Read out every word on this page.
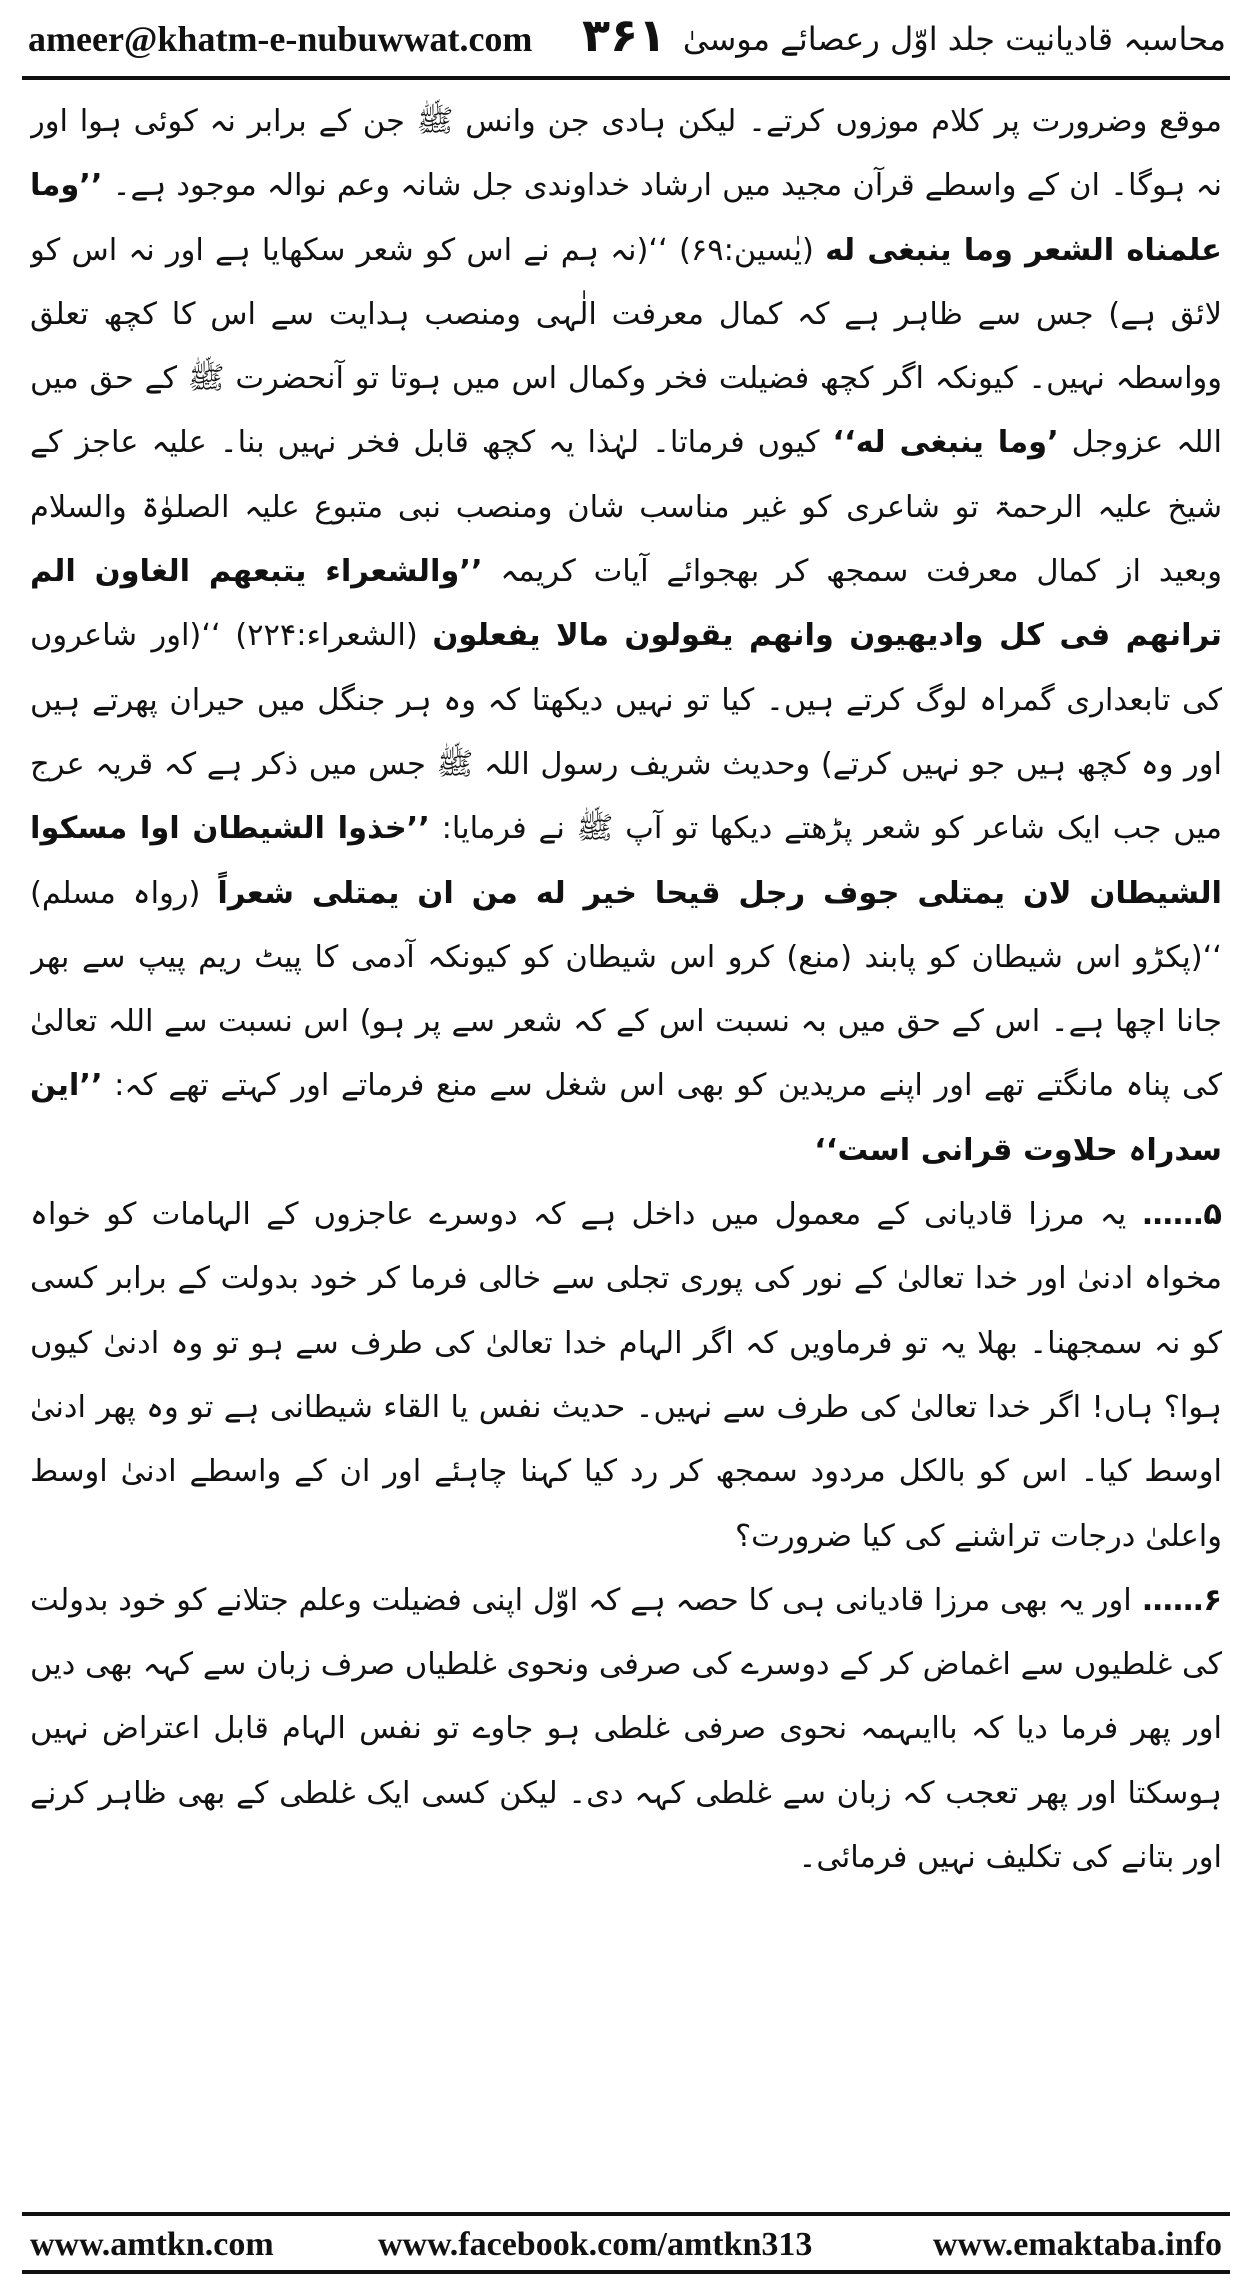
ameer@khatm-e-nubuwwat.com ۳۶۱ محاسبہ قادیانیت جلد اوّل رعصائے موسیٰ

موقع وضرورت پر کلام موزوں کرتے۔ لیکن ہادی جن وانس ﷺ جن کے برابر نہ کوئی ہوا اور نہ ہوگا۔ ان کے واسطے قرآن مجید میں ارشاد خداوندی جل شانہ وعم نوالہ موجود ہے۔ ’’وما علمناه الشعر وما ينبغى له (یٰسین:۶۹) ‘‘(نہ ہم نے اس کو شعر سکھایا ہے اور نہ اس کو لائق ہے) جس سے ظاہر ہے کہ کمال معرفت الٰہی ومنصب ہدایت سے اس کا کچھ تعلق وواسطہ نہیں۔ کیونکہ اگر کچھ فضیلت فخر وکمال اس میں ہوتا تو آنحضرت ﷺ کے حق میں اللہ عزوجل ’وما ينبغى له‘‘ کیوں فرماتا۔ لہٰذا یہ کچھ قابل فخر نہیں بنا۔ علیہ عاجز کے شیخ علیہ الرحمۃ تو شاعری کو غیر مناسب شان ومنصب نبی متبوع علیہ الصلوٰۃ والسلام وبعید از کمال معرفت سمجھ کر بھجوائے آیات کریمہ ’’والشعراء يتبعهم الغاون الم ترانهم فى كل واديهيون وانهم يقولون مالا يفعلون (الشعراء:۲۲۴) ‘‘(اور شاعروں کی تابعداری گمراہ لوگ کرتے ہیں۔ کیا تو نہیں دیکھتا کہ وہ ہر جنگل میں حیران پھرتے ہیں اور وہ کچھ ہیں جو نہیں کرتے) وحدیث شریف رسول اللہ ﷺ جس میں ذکر ہے کہ قریہ عرج میں جب ایک شاعر کو شعر پڑھتے دیکھا تو آپ ﷺ نے فرمایا: ’’خذوا الشيطان اوا مسكوا الشيطان لان يمتلى جوف رجل قيحا خير له من ان يمتلى شعراً (رواہ مسلم) ‘‘(پکڑو اس شیطان کو پابند (منع) کرو اس شیطان کو کیونکہ آدمی کا پیٹ ریم پیپ سے بھر جانا اچھا ہے۔ اس کے حق میں بہ نسبت اس کے کہ شعر سے پر ہو) اس نسبت سے اللہ تعالیٰ کی پناہ مانگتے تھے اور اپنے مریدین کو بھی اس شغل سے منع فرماتے اور کہتے تھے کہ: ’’این سدراہ حلاوت قرانی است‘‘

۵…… یہ مرزا قادیانی کے معمول میں داخل ہے کہ دوسرے عاجزوں کے الہامات کو خواہ مخواہ ادنیٰ اور خدا تعالیٰ کے نور کی پوری تجلی سے خالی فرما کر خود بدولت کے برابر کسی کو نہ سمجھنا۔ بھلا یہ تو فرماویں کہ اگر الہام خدا تعالیٰ کی طرف سے ہو تو وہ ادنیٰ کیوں ہوا؟ ہاں! اگر خدا تعالیٰ کی طرف سے نہیں۔ حدیث نفس یا القاء شیطانی ہے تو وہ پھر ادنیٰ اوسط کیا۔ اس کو بالکل مردود سمجھ کر رد کیا کہنا چاہئے اور ان کے واسطے ادنیٰ اوسط واعلیٰ درجات تراشنے کی کیا ضرورت؟

۶…… اور یہ بھی مرزا قادیانی ہی کا حصہ ہے کہ اوّل اپنی فضیلت وعلم جتلانے کو خود بدولت کی غلطیوں سے اغماض کر کے دوسرے کی صرفی ونحوی غلطیاں صرف زبان سے کہہ بھی دیں اور پھر فرما دیا کہ باایںہمہ نحوی صرفی غلطی ہو جاوے تو نفس الہام قابل اعتراض نہیں ہوسکتا اور پھر تعجب کہ زبان سے غلطی کہہ دی۔ لیکن کسی ایک غلطی کے بھی ظاہر کرنے اور بتانے کی تکلیف نہیں فرمائی۔

www.amtkn.com	www.facebook.com/amtkn313	www.emaktaba.info
